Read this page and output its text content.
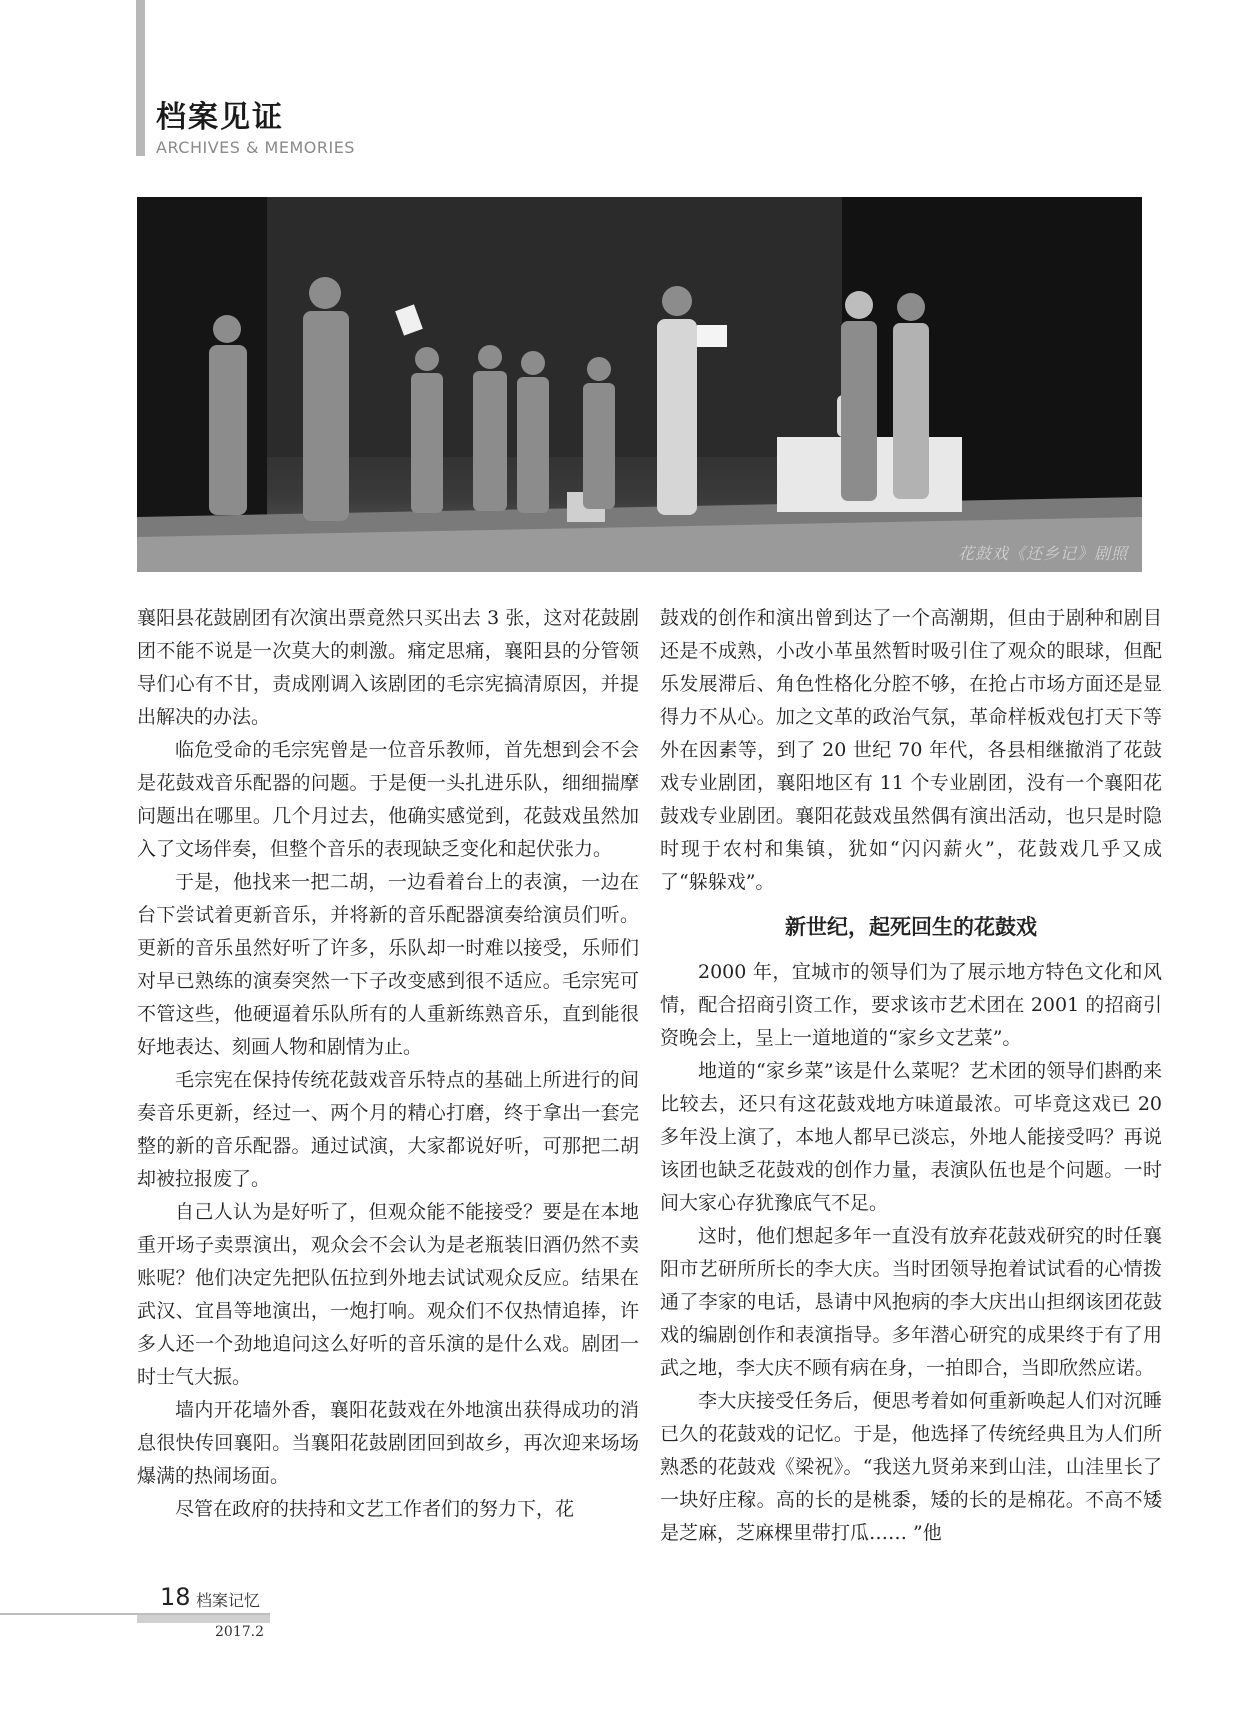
档案见证
ARCHIVES & MEMORIES
花鼓戏《还乡记》剧照

襄阳县花鼓剧团有次演出票竟然只买出去 3 张，这对花鼓剧团不能不说是一次莫大的刺激。痛定思痛，襄阳县的分管领导们心有不甘，责成刚调入该剧团的毛宗宪搞清原因，并提出解决的办法。

临危受命的毛宗宪曾是一位音乐教师，首先想到会不会是花鼓戏音乐配器的问题。于是便一头扎进乐队，细细揣摩问题出在哪里。几个月过去，他确实感觉到，花鼓戏虽然加入了文场伴奏，但整个音乐的表现缺乏变化和起伏张力。

于是，他找来一把二胡，一边看着台上的表演，一边在台下尝试着更新音乐，并将新的音乐配器演奏给演员们听。更新的音乐虽然好听了许多，乐队却一时难以接受，乐师们对早已熟练的演奏突然一下子改变感到很不适应。毛宗宪可不管这些，他硬逼着乐队所有的人重新练熟音乐，直到能很好地表达、刻画人物和剧情为止。

毛宗宪在保持传统花鼓戏音乐特点的基础上所进行的间奏音乐更新，经过一、两个月的精心打磨，终于拿出一套完整的新的音乐配器。通过试演，大家都说好听，可那把二胡却被拉报废了。

自己人认为是好听了，但观众能不能接受？要是在本地重开场子卖票演出，观众会不会认为是老瓶装旧酒仍然不卖账呢？他们决定先把队伍拉到外地去试试观众反应。结果在武汉、宜昌等地演出，一炮打响。观众们不仅热情追捧，许多人还一个劲地追问这么好听的音乐演的是什么戏。剧团一时士气大振。

墙内开花墙外香，襄阳花鼓戏在外地演出获得成功的消息很快传回襄阳。当襄阳花鼓剧团回到故乡，再次迎来场场爆满的热闹场面。

尽管在政府的扶持和文艺工作者们的努力下，花

鼓戏的创作和演出曾到达了一个高潮期，但由于剧种和剧目还是不成熟，小改小革虽然暂时吸引住了观众的眼球，但配乐发展滞后、角色性格化分腔不够，在抢占市场方面还是显得力不从心。加之文革的政治气氛，革命样板戏包打天下等外在因素等，到了 20 世纪 70 年代，各县相继撤消了花鼓戏专业剧团，襄阳地区有 11 个专业剧团，没有一个襄阳花鼓戏专业剧团。襄阳花鼓戏虽然偶有演出活动，也只是时隐时现于农村和集镇，犹如“闪闪薪火”，花鼓戏几乎又成了“躲躲戏”。

新世纪，起死回生的花鼓戏

2000 年，宜城市的领导们为了展示地方特色文化和风情，配合招商引资工作，要求该市艺术团在 2001 的招商引资晚会上，呈上一道地道的“家乡文艺菜”。

地道的“家乡菜”该是什么菜呢？艺术团的领导们斟酌来比较去，还只有这花鼓戏地方味道最浓。可毕竟这戏已 20 多年没上演了，本地人都早已淡忘，外地人能接受吗？再说该团也缺乏花鼓戏的创作力量，表演队伍也是个问题。一时间大家心存犹豫底气不足。

这时，他们想起多年一直没有放弃花鼓戏研究的时任襄阳市艺研所所长的李大庆。当时团领导抱着试试看的心情拨通了李家的电话，恳请中风抱病的李大庆出山担纲该团花鼓戏的编剧创作和表演指导。多年潜心研究的成果终于有了用武之地，李大庆不顾有病在身，一拍即合，当即欣然应诺。

李大庆接受任务后，便思考着如何重新唤起人们对沉睡已久的花鼓戏的记忆。于是，他选择了传统经典且为人们所熟悉的花鼓戏《梁祝》。“我送九贤弟来到山洼，山洼里长了一块好庄稼。高的长的是桃黍，矮的长的是棉花。不高不矮是芝麻，芝麻棵里带打瓜…… ”他

18 档案记忆
2017.2
